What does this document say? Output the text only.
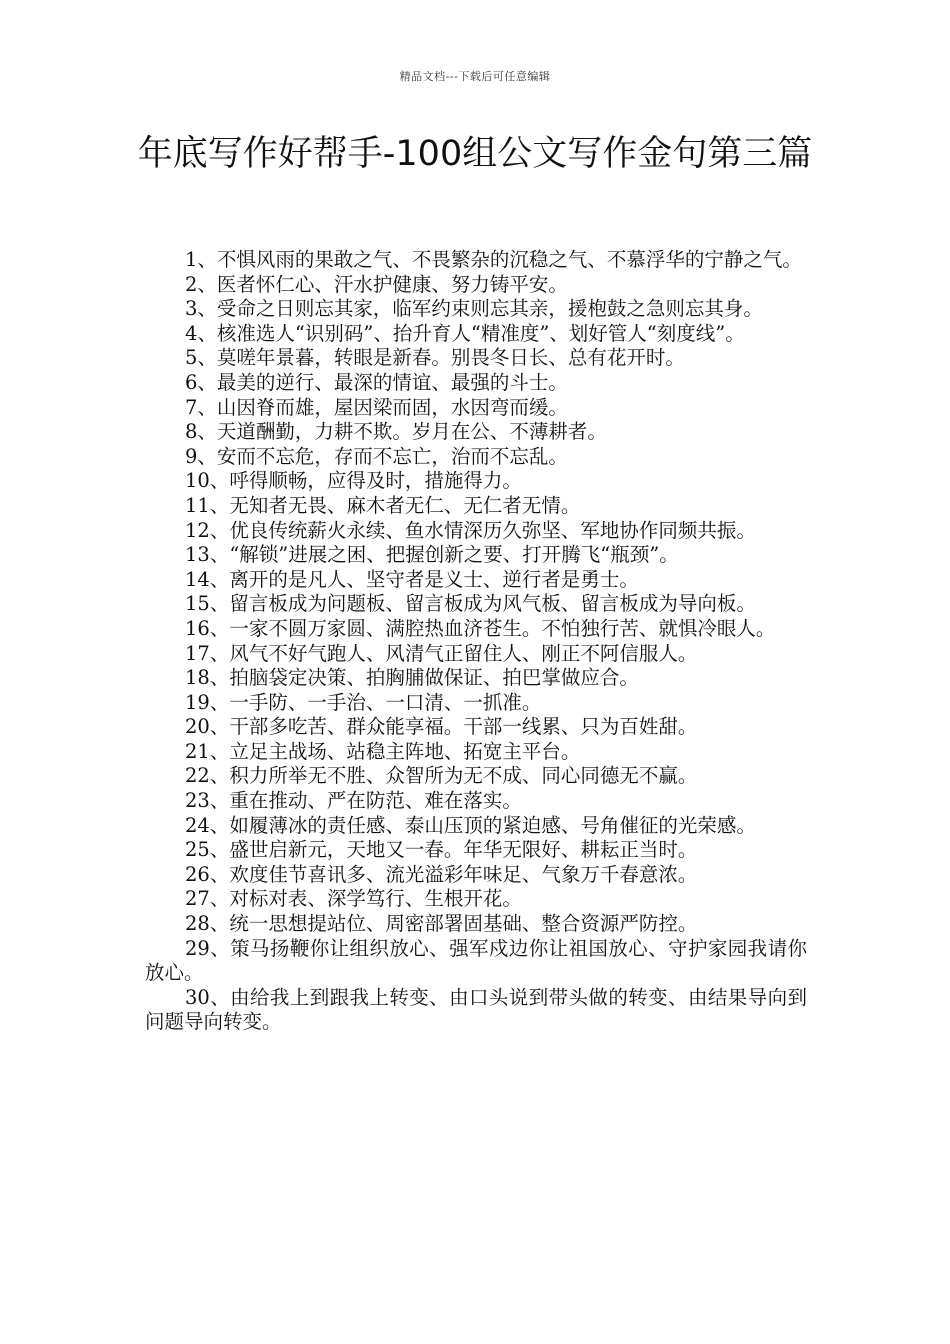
精品文档---下载后可任意编辑
年底写作好帮手-100组公文写作金句第三篇
1、不惧风雨的果敢之气、不畏繁杂的沉稳之气、不慕浮华的宁静之气。
2、医者怀仁心、汗水护健康、努力铸平安。
3、受命之日则忘其家，临军约束则忘其亲，援枹鼓之急则忘其身。
4、核准选人“识别码”、抬升育人“精准度”、划好管人“刻度线”。
5、莫嗟年景暮，转眼是新春。别畏冬日长、总有花开时。
6、最美的逆行、最深的情谊、最强的斗士。
7、山因脊而雄，屋因梁而固，水因弯而缓。
8、天道酬勤，力耕不欺。岁月在公、不薄耕者。
9、安而不忘危，存而不忘亡，治而不忘乱。
10、呼得顺畅，应得及时，措施得力。
11、无知者无畏、麻木者无仁、无仁者无情。
12、优良传统薪火永续、鱼水情深历久弥坚、军地协作同频共振。
13、“解锁”进展之困、把握创新之要、打开腾飞“瓶颈”。
14、离开的是凡人、坚守者是义士、逆行者是勇士。
15、留言板成为问题板、留言板成为风气板、留言板成为导向板。
16、一家不圆万家圆、满腔热血济苍生。不怕独行苦、就惧冷眼人。
17、风气不好气跑人、风清气正留住人、刚正不阿信服人。
18、拍脑袋定决策、拍胸脯做保证、拍巴掌做应合。
19、一手防、一手治、一口清、一抓准。
20、干部多吃苦、群众能享福。干部一线累、只为百姓甜。
21、立足主战场、站稳主阵地、拓宽主平台。
22、积力所举无不胜、众智所为无不成、同心同德无不赢。
23、重在推动、严在防范、难在落实。
24、如履薄冰的责任感、泰山压顶的紧迫感、号角催征的光荣感。
25、盛世启新元，天地又一春。年华无限好、耕耘正当时。
26、欢度佳节喜讯多、流光溢彩年味足、气象万千春意浓。
27、对标对表、深学笃行、生根开花。
28、统一思想提站位、周密部署固基础、整合资源严防控。
29、策马扬鞭你让组织放心、强军戍边你让祖国放心、守护家园我请你放心。
30、由给我上到跟我上转变、由口头说到带头做的转变、由结果导向到问题导向转变。
